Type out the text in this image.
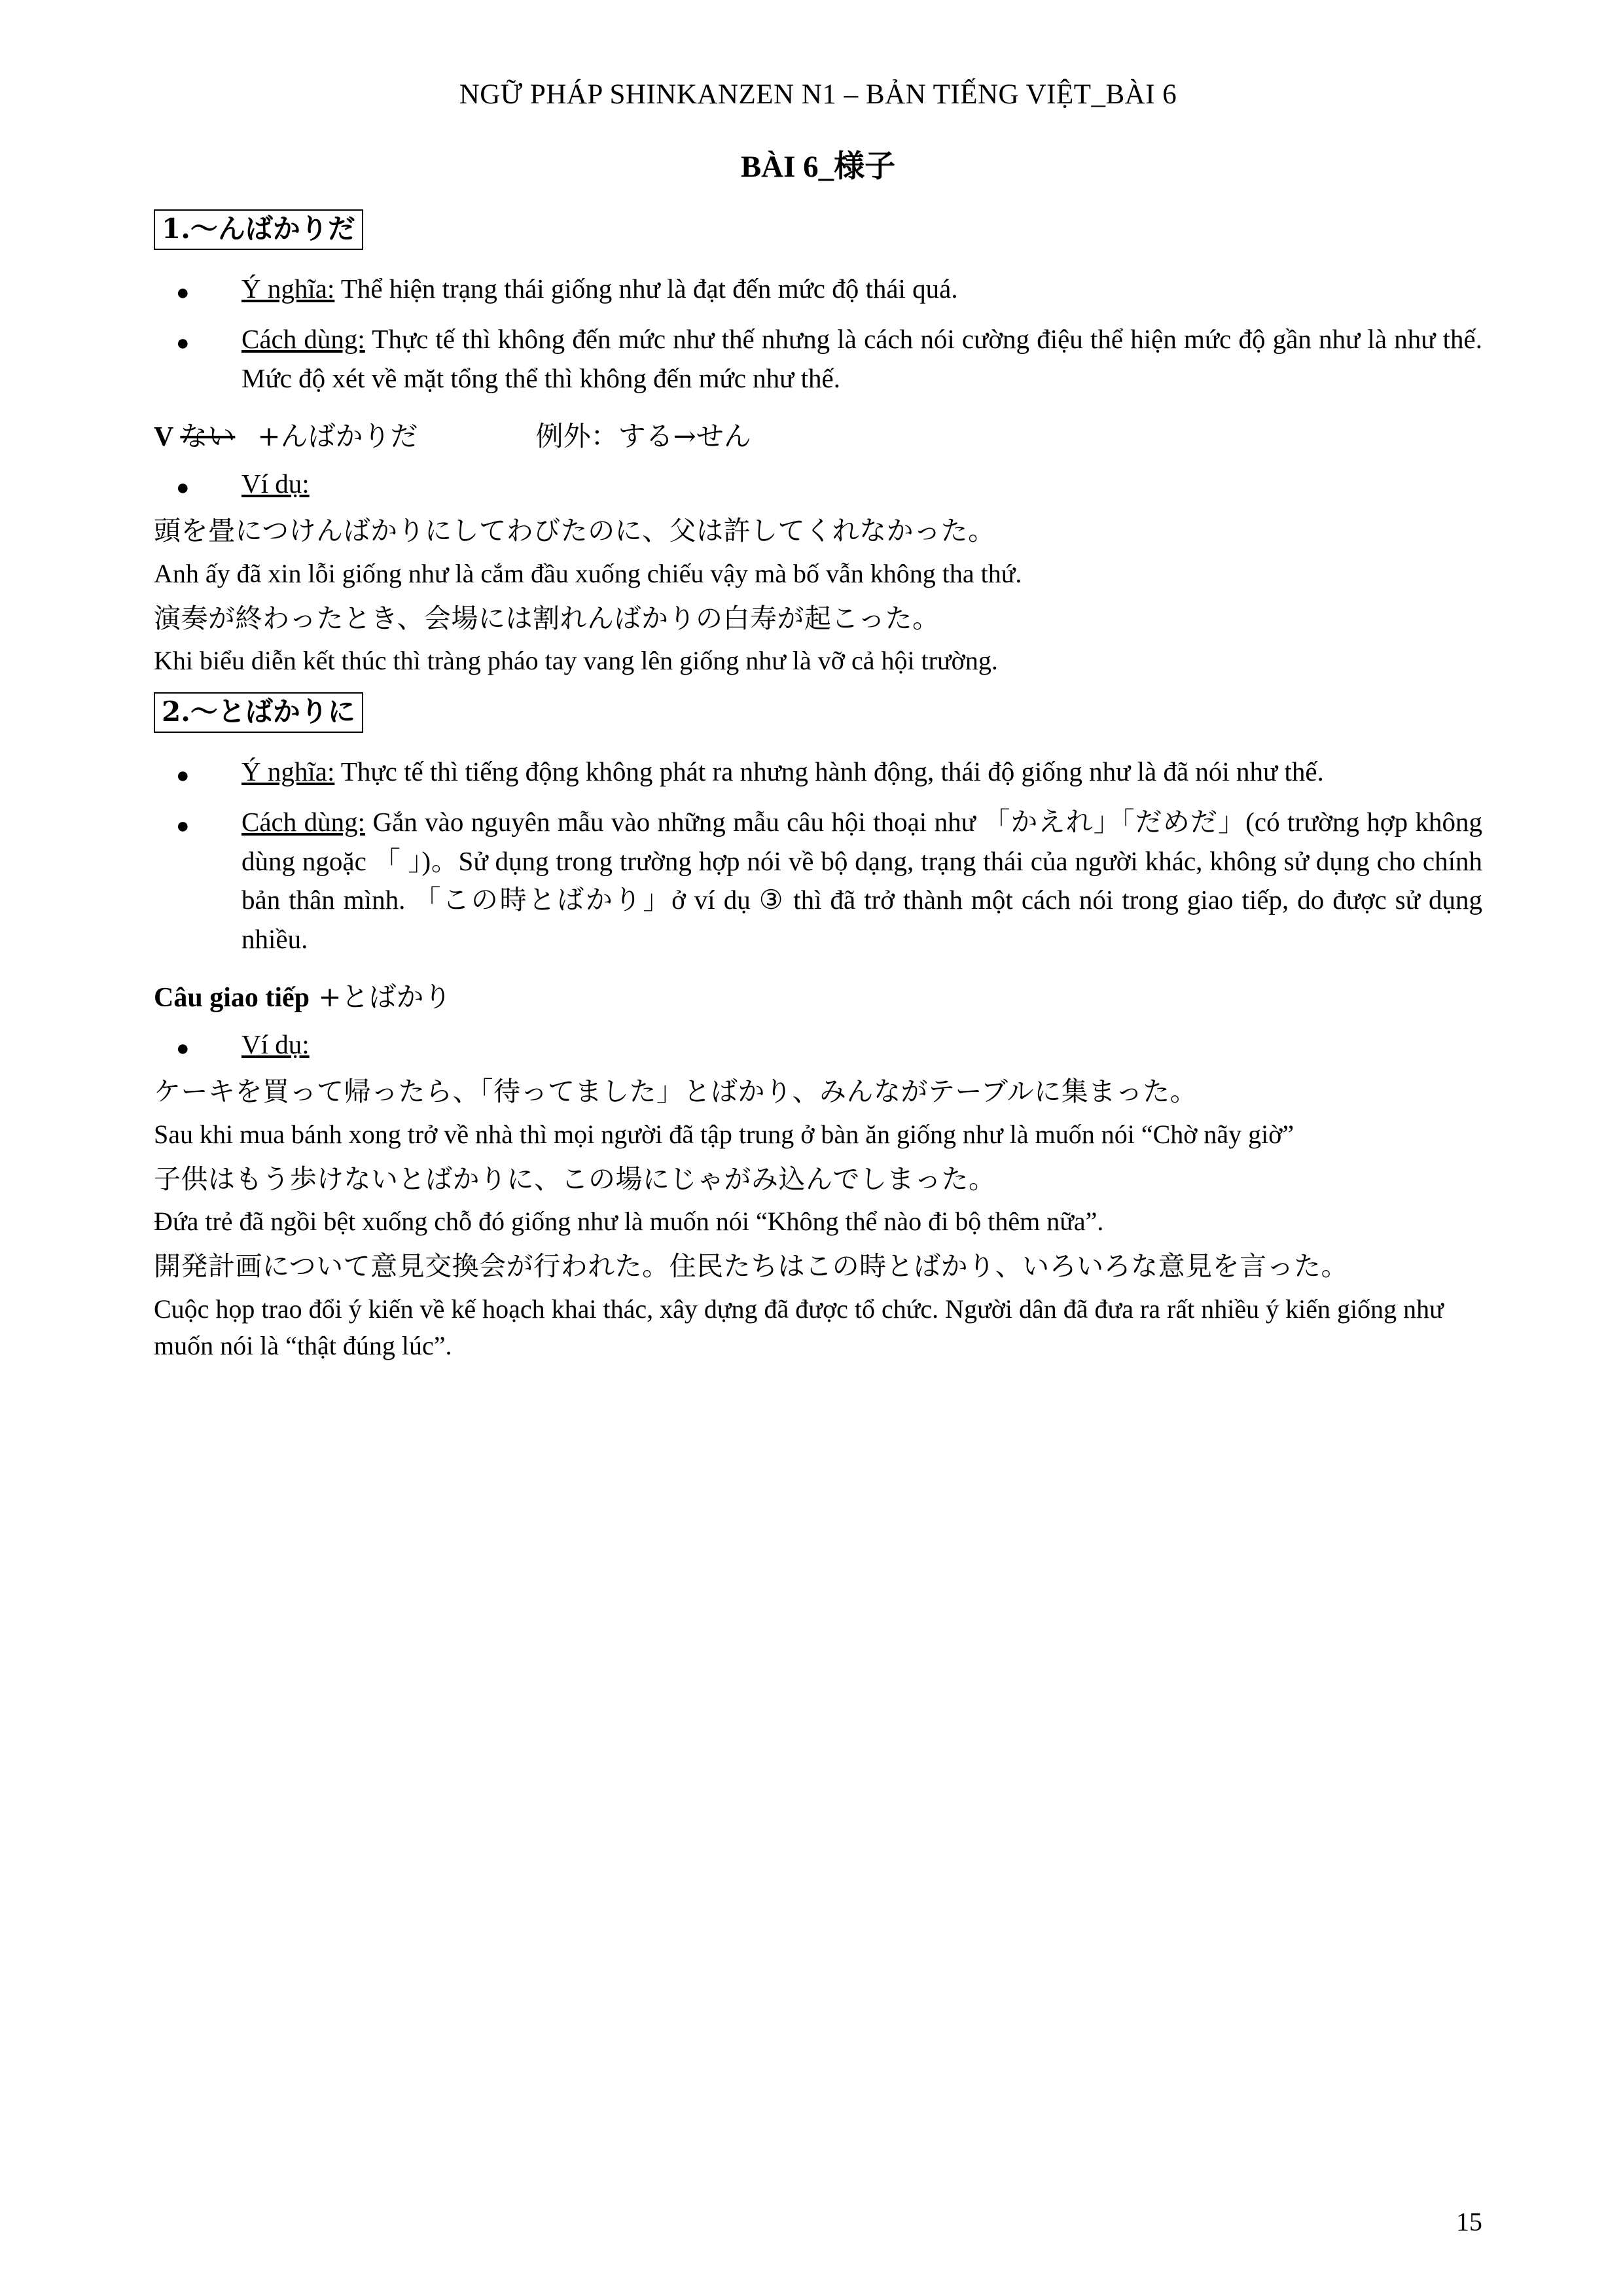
NGỮ PHÁP SHINKANZEN N1 – BẢN TIẾNG VIỆT_BÀI 6
BÀI 6_様子
1.〜んばかりだ
●
Ý nghĩa: Thể hiện trạng thái giống như là đạt đến mức độ thái quá.
●
Cách dùng: Thực tế thì không đến mức như thế nhưng là cách nói cường điệu thể hiện mức độ gần như là như thế. Mức độ xét về mặt tổng thể thì không đến mức như thế.
V ない +んばかりだ	例外：する→せん
●
Ví dụ:
頭を畳につけんばかりにしてわびたのに、父は許してくれなかった。
Anh ấy đã xin lỗi giống như là cắm đầu xuống chiếu vậy mà bố vẫn không tha thứ.
演奏が終わったとき、会場には割れんばかりの白寿が起こった。
Khi biểu diễn kết thúc thì tràng pháo tay vang lên giống như là vỡ cả hội trường.
2.〜とばかりに
●
Ý nghĩa: Thực tế thì tiếng động không phát ra nhưng hành động, thái độ giống như là đã nói như thế.
●
Cách dùng: Gắn vào nguyên mẫu vào những mẫu câu hội thoại như 「かえれ」「だめだ」(có trường hợp không dùng ngoặc 「 」)。Sử dụng trong trường hợp nói về bộ dạng, trạng thái của người khác, không sử dụng cho chính bản thân mình. 「この時とばかり」ở ví dụ ③ thì đã trở thành một cách nói trong giao tiếp, do được sử dụng nhiều.
Câu giao tiếp +とばかり
●
Ví dụ:
ケーキを買って帰ったら、「待ってました」とばかり、みんながテーブルに集まった。
Sau khi mua bánh xong trở về nhà thì mọi người đã tập trung ở bàn ăn giống như là muốn nói “Chờ nãy giờ”
子供はもう歩けないとばかりに、この場にじゃがみ込んでしまった。
Đứa trẻ đã ngồi bệt xuống chỗ đó giống như là muốn nói “Không thể nào đi bộ thêm nữa”.
開発計画について意見交換会が行われた。住民たちはこの時とばかり、いろいろな意見を言った。
Cuộc họp trao đổi ý kiến về kế hoạch khai thác, xây dựng đã được tổ chức. Người dân đã đưa ra rất nhiều ý kiến giống như muốn nói là “thật đúng lúc”.
15
